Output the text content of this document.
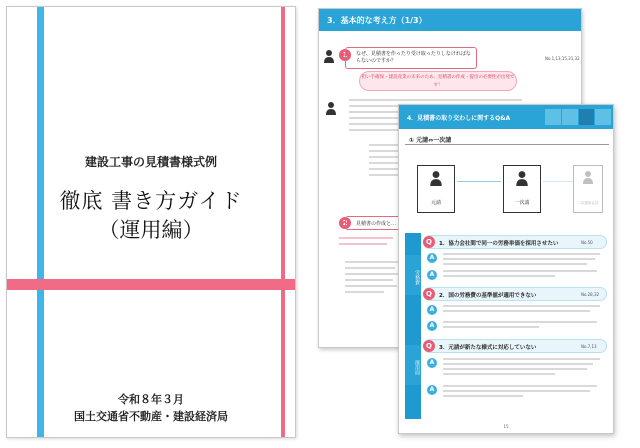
建設工事の見積書様式例
徹底 書き方ガイド
（運用編）
令和８年３月
国土交通省不動産・建設経済局
3．基本的な考え方（1/3）
1	なぜ、見積書を作ったり受け取ったりしなければならないのですか？	No.1,13,15,31,32
担い手確保・建設産業の未来のため、見積書の作成・提出の必要性が出発です！
2	見積書の作成と…
4．見積書の取り交わしに関するQ&A
① 元請⇔一次請
元請	一次請	二次請負会社
労務費
運用面
Q	1．協力会社間で同一の労務単価を採用させたい	No.50
A
A
Q	2．国の労務費の基準値が適用できない	No.28,32
A
A
Q	3．元請が新たな様式に対応していない	No.7,13
A
A
15
